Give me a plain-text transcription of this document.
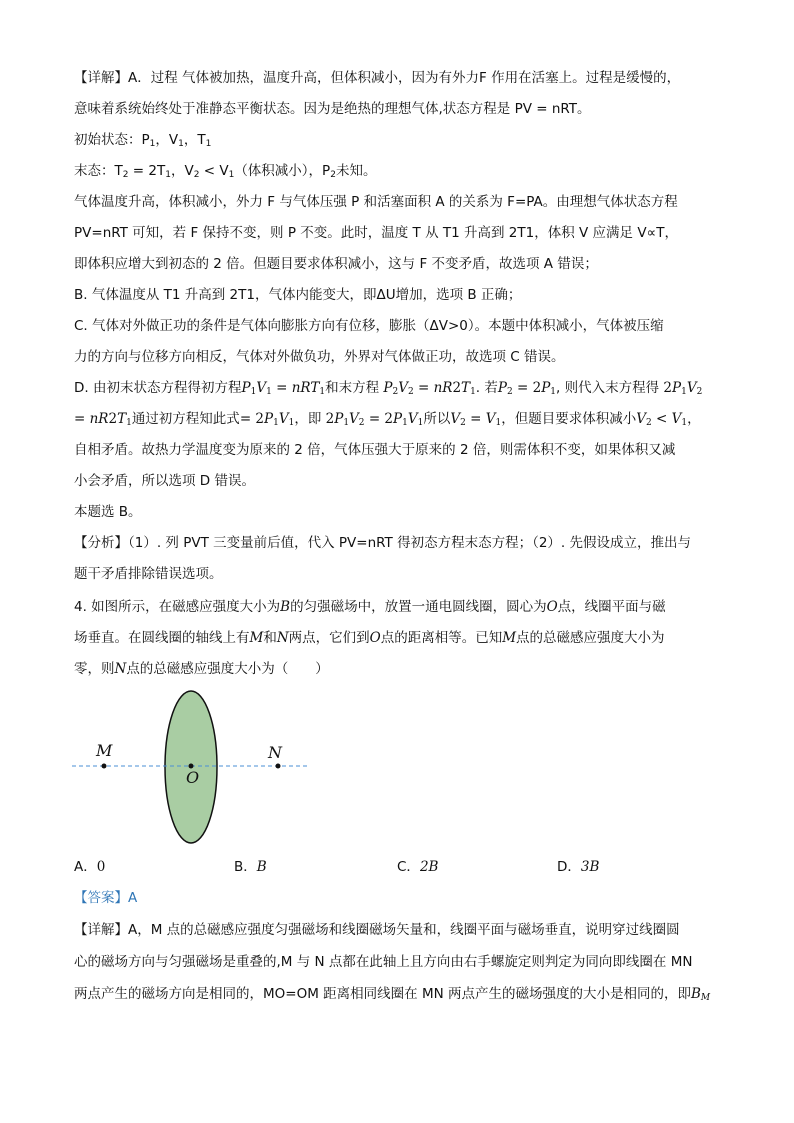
【详解】A．过程 气体被加热，温度升高，但体积减小，因为有外力F 作用在活塞上。过程是缓慢的，
意味着系统始终处于准静态平衡状态。因为是绝热的理想气体,状态方程是 PV = nRT。
初始状态：$P_1$，$V_1$，$T_1$
末态：$T_2 = 2T_1$，$V_2 < V_1$（体积减小），$P_2$未知。
气体温度升高，体积减小，外力 F 与气体压强 P 和活塞面积 A 的关系为 F=PA。由理想气体状态方程
PV=nRT 可知，若 F 保持不变，则 P 不变。此时，温度 T 从 T1 升高到 2T1，体积 V 应满足 V∝T，
即体积应增大到初态的 2 倍。但题目要求体积减小，这与 F 不变矛盾，故选项 A 错误；
B. 气体温度从 T1 升高到 2T1，气体内能变大，即ΔU增加，选项 B 正确；
C. 气体对外做正功的条件是气体向膨胀方向有位移，膨胀（ΔV>0）。本题中体积减小，气体被压缩
力的方向与位移方向相反，气体对外做负功，外界对气体做正功，故选项 C 错误。
D. 由初末状态方程得初方程$P_1V_1 = nRT_1$和末方程 $P_2V_2 = nR2T_1$. 若$P_2 = 2P_1$, 则代入末方程得 $2P_1V_2$
= $nR2T_1$通过初方程知此式= $2P_1V_1$，即 $2P_1V_2 = 2P_1V_1$所以$V_2 = V_1$，但题目要求体积减小$V_2 < V_1$，
自相矛盾。故热力学温度变为原来的 2 倍，气体压强大于原来的 2 倍，则需体积不变，如果体积又减
小会矛盾，所以选项 D 错误。
本题选 B。
【分析】（1）. 列 PVT 三变量前后值，代入 PV=nRT 得初态方程末态方程；（2）. 先假设成立，推出与
题干矛盾排除错误选项。
4. 如图所示，在磁感应强度大小为B的匀强磁场中，放置一通电圆线圈，圆心为O点，线圈平面与磁
场垂直。在圆线圈的轴线上有M和N两点，它们到O点的距离相等。已知M点的总磁感应强度大小为
零，则N点的总磁感应强度大小为（　　）
M
O
N
A．0	B．B	C．2B	D．3B
【答案】A
【详解】A，M 点的总磁感应强度匀强磁场和线圈磁场矢量和，线圈平面与磁场垂直，说明穿过线圈圆
心的磁场方向与匀强磁场是重叠的,M 与 N 点都在此轴上且方向由右手螺旋定则判定为同向即线圈在 MN
两点产生的磁场方向是相同的，MO=OM 距离相同线圈在 MN 两点产生的磁场强度的大小是相同的，即$B_M$
